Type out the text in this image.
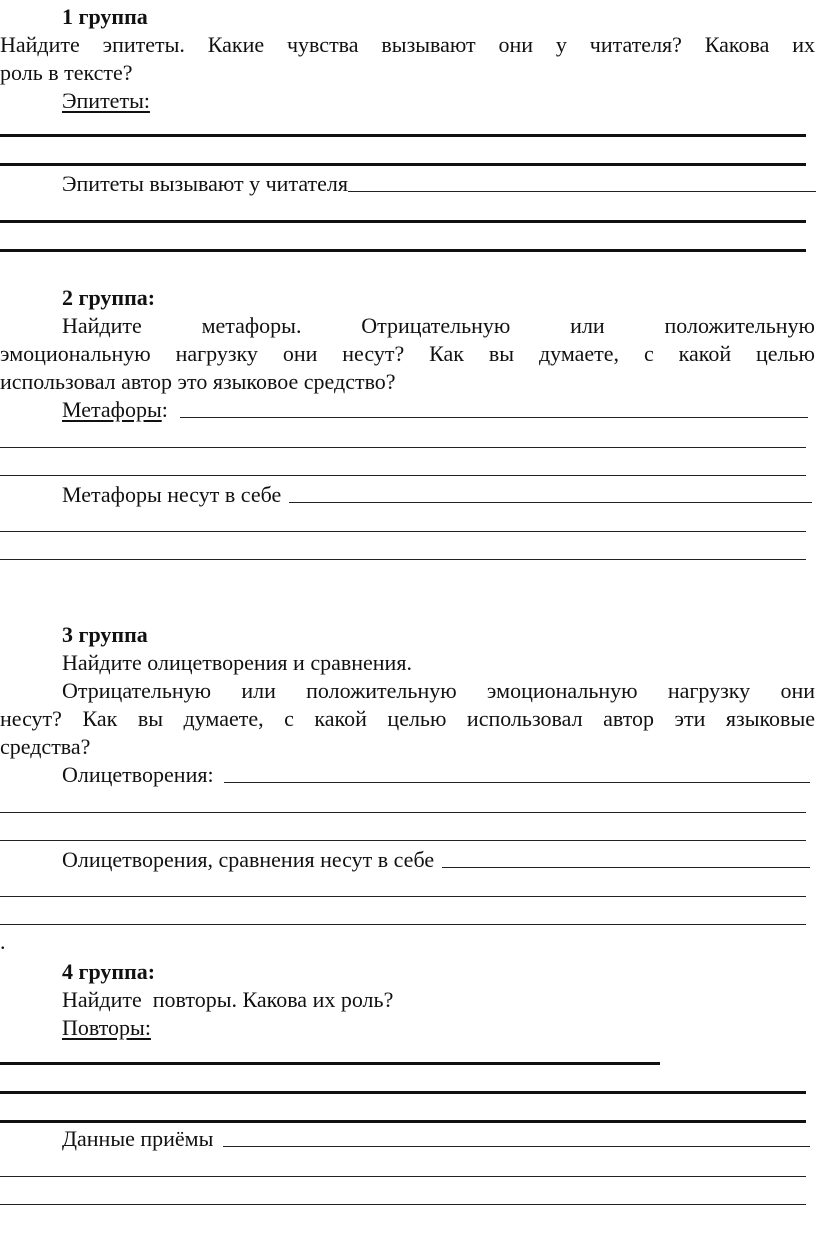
1 группа
Найдите эпитеты. Какие чувства вызывают они у читателя? Какова их
роль в тексте?
Эпитеты:
Эпитеты вызывают у читателя
2 группа:
Найдите метафоры. Отрицательную или положительную
эмоциональную нагрузку они несут? Как вы думаете, с какой целью
использовал автор это языковое средство?
Метафоры :
Метафоры несут в себе
3 группа
Найдите олицетворения и сравнения.
Отрицательную или положительную эмоциональную нагрузку они
несут? Как вы думаете, с какой целью использовал автор эти языковые
средства?
Олицетворения:
Олицетворения, сравнения несут в себе
.
4 группа:
Найдите  повторы. Какова их роль?
Повторы:
Данные приёмы
